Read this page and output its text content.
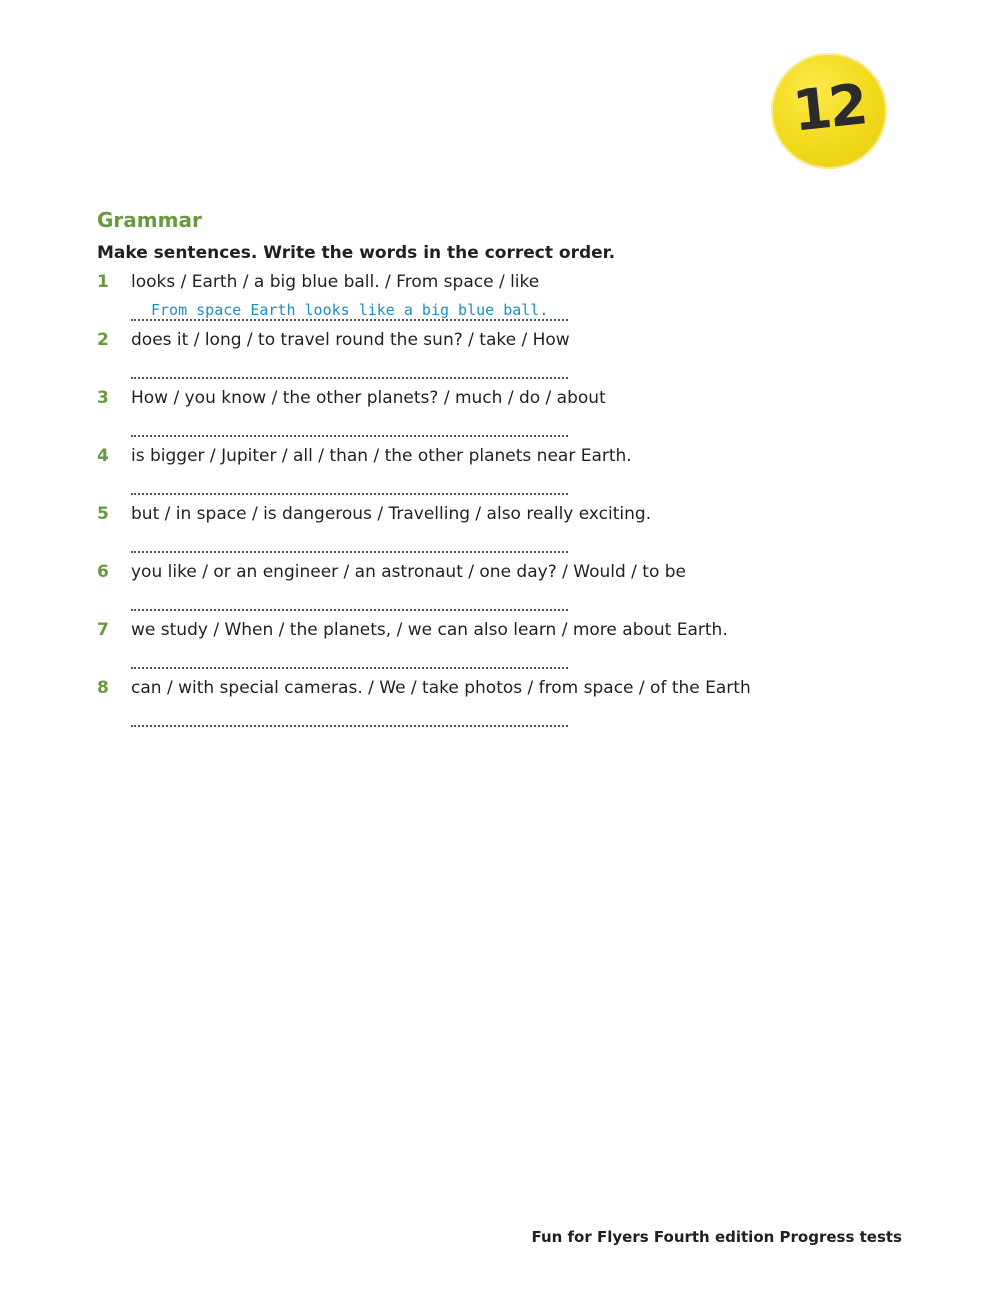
12
Grammar

Make sentences. Write the words in the correct order.

1 looks / Earth / a big blue ball. / From space / like
From space Earth looks like a big blue ball.
2 does it / long / to travel round the sun? / take / How
3 How / you know / the other planets? / much / do / about
4 is bigger / Jupiter / all / than / the other planets near Earth.
5 but / in space / is dangerous / Travelling / also really exciting.
6 you like / or an engineer / an astronaut / one day? / Would / to be
7 we study / When / the planets, / we can also learn / more about Earth.
8 can / with special cameras. / We / take photos / from space / of the Earth

Fun for Flyers Fourth edition Progress tests
